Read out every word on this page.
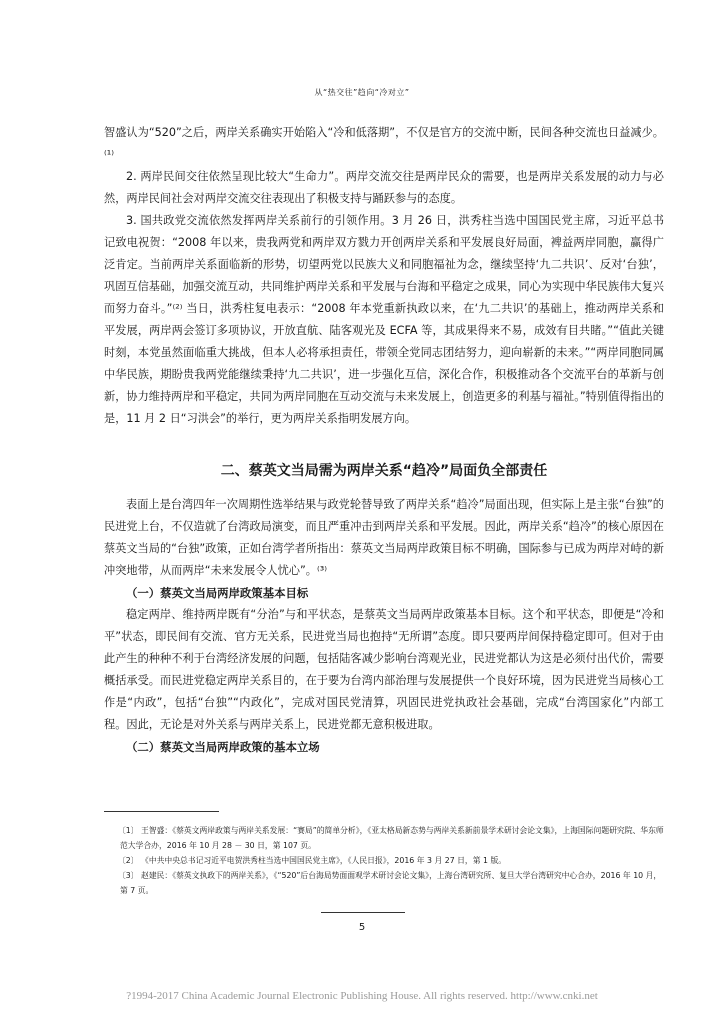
从“热交往”趋向“冷对立”

智盛认为“520”之后，两岸关系确实开始陷入“冷和低落期”，不仅是官方的交流中断，民间各种交流也日益减少。⁽¹⁾

2. 两岸民间交往依然呈现比较大“生命力”。两岸交流交往是两岸民众的需要，也是两岸关系发展的动力与必然，两岸民间社会对两岸交流交往表现出了积极支持与踊跃参与的态度。

3. 国共政党交流依然发挥两岸关系前行的引领作用。3 月 26 日，洪秀柱当选中国国民党主席，习近平总书记致电祝贺：“2008 年以来，贵我两党和两岸双方戮力开创两岸关系和平发展良好局面，裨益两岸同胞，赢得广泛肯定。当前两岸关系面临新的形势，切望两党以民族大义和同胞福祉为念，继续坚持‘九二共识’、反对‘台独’，巩固互信基础，加强交流互动，共同维护两岸关系和平发展与台海和平稳定之成果，同心为实现中华民族伟大复兴而努力奋斗。”⁽²⁾ 当日，洪秀柱复电表示：“2008 年本党重新执政以来，在‘九二共识’的基础上，推动两岸关系和平发展，两岸两会签订多项协议，开放直航、陆客观光及 ECFA 等，其成果得来不易，成效有目共睹。”“值此关键时刻，本党虽然面临重大挑战，但本人必将承担责任，带领全党同志团结努力，迎向崭新的未来。”“两岸同胞同属中华民族，期盼贵我两党能继续秉持‘九二共识’，进一步强化互信，深化合作，积极推动各个交流平台的革新与创新，协力维持两岸和平稳定，共同为两岸同胞在互动交流与未来发展上，创造更多的利基与福祉。”特别值得指出的是，11 月 2 日“习洪会”的举行，更为两岸关系指明发展方向。

二、蔡英文当局需为两岸关系“趋冷”局面负全部责任

表面上是台湾四年一次周期性选举结果与政党轮替导致了两岸关系“趋冷”局面出现，但实际上是主张“台独”的民进党上台，不仅造就了台湾政局演变，而且严重冲击到两岸关系和平发展。因此，两岸关系“趋冷”的核心原因在蔡英文当局的“台独”政策，正如台湾学者所指出：蔡英文当局两岸政策目标不明确，国际参与已成为两岸对峙的新冲突地带，从而两岸“未来发展令人忧心”。⁽³⁾

（一）蔡英文当局两岸政策基本目标

稳定两岸、维持两岸既有“分治”与和平状态，是蔡英文当局两岸政策基本目标。这个和平状态，即便是“冷和平”状态，即民间有交流、官方无关系，民进党当局也抱持“无所谓”态度。即只要两岸间保持稳定即可。但对于由此产生的种种不利于台湾经济发展的问题，包括陆客减少影响台湾观光业，民进党都认为这是必须付出代价，需要概括承受。而民进党稳定两岸关系目的，在于要为台湾内部治理与发展提供一个良好环境，因为民进党当局核心工作是“内政”，包括“台独”“内政化”，完成对国民党清算，巩固民进党执政社会基础，完成“台湾国家化”内部工程。因此，无论是对外关系与两岸关系上，民进党都无意积极进取。

（二）蔡英文当局两岸政策的基本立场

〔1〕 王智盛：《蔡英文两岸政策与两岸关系发展：“赛局”的简单分析》，《亚太格局新态势与两岸关系新前景学术研讨会论文集》，上海国际问题研究院、华东师范大学合办，2016 年 10 月 28 － 30 日，第 107 页。

〔2〕 《中共中央总书记习近平电贺洪秀柱当选中国国民党主席》，《人民日报》，2016 年 3 月 27 日，第 1 版。

〔3〕 赵建民：《蔡英文执政下的两岸关系》，《“520”后台海局势面面观学术研讨会论文集》，上海台湾研究所、复旦大学台湾研究中心合办，2016 年 10 月，第 7 页。

5
?1994-2017 China Academic Journal Electronic Publishing House. All rights reserved. http://www.cnki.net
